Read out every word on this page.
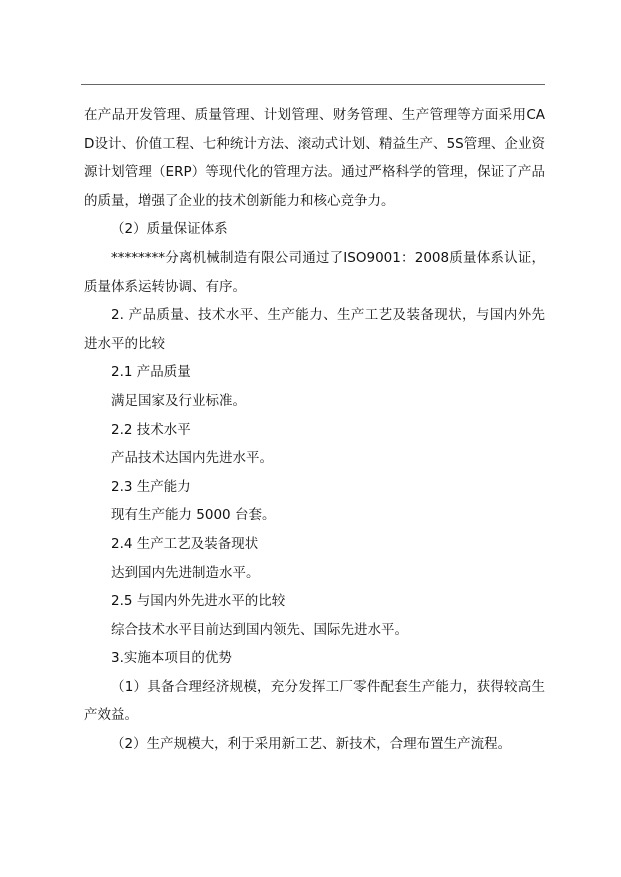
在产品开发管理、质量管理、计划管理、财务管理、生产管理等方面采用CAD设计、价值工程、七种统计方法、滚动式计划、精益生产、5S管理、企业资源计划管理（ERP）等现代化的管理方法。通过严格科学的管理，保证了产品的质量，增强了企业的技术创新能力和核心竞争力。

（2）质量保证体系

********分离机械制造有限公司通过了ISO9001：2008质量体系认证，质量体系运转协调、有序。

2. 产品质量、技术水平、生产能力、生产工艺及装备现状，与国内外先进水平的比较

2.1 产品质量

满足国家及行业标准。

2.2 技术水平

产品技术达国内先进水平。

2.3 生产能力

现有生产能力 5000 台套。

2.4 生产工艺及装备现状

达到国内先进制造水平。

2.5 与国内外先进水平的比较

综合技术水平目前达到国内领先、国际先进水平。

3.实施本项目的优势

（1）具备合理经济规模，充分发挥工厂零件配套生产能力，获得较高生产效益。

（2）生产规模大，利于采用新工艺、新技术，合理布置生产流程。
